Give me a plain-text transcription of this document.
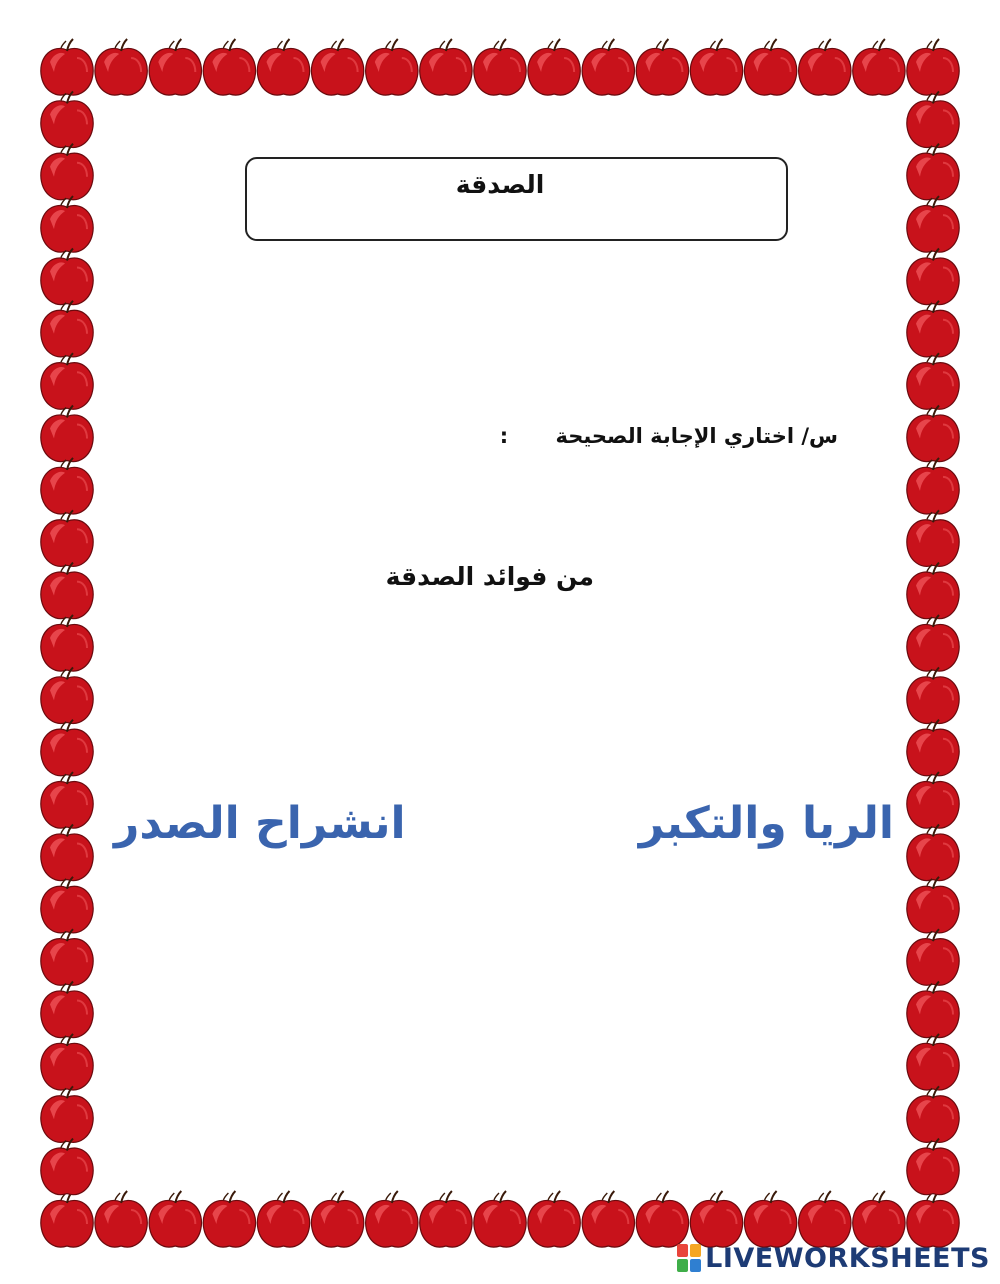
الصدقة
س/ اختاري الإجابة الصحيحة :
من فوائد الصدقة
الريا والتكبر
انشراح الصدر
LIVEWORKSHEETS
